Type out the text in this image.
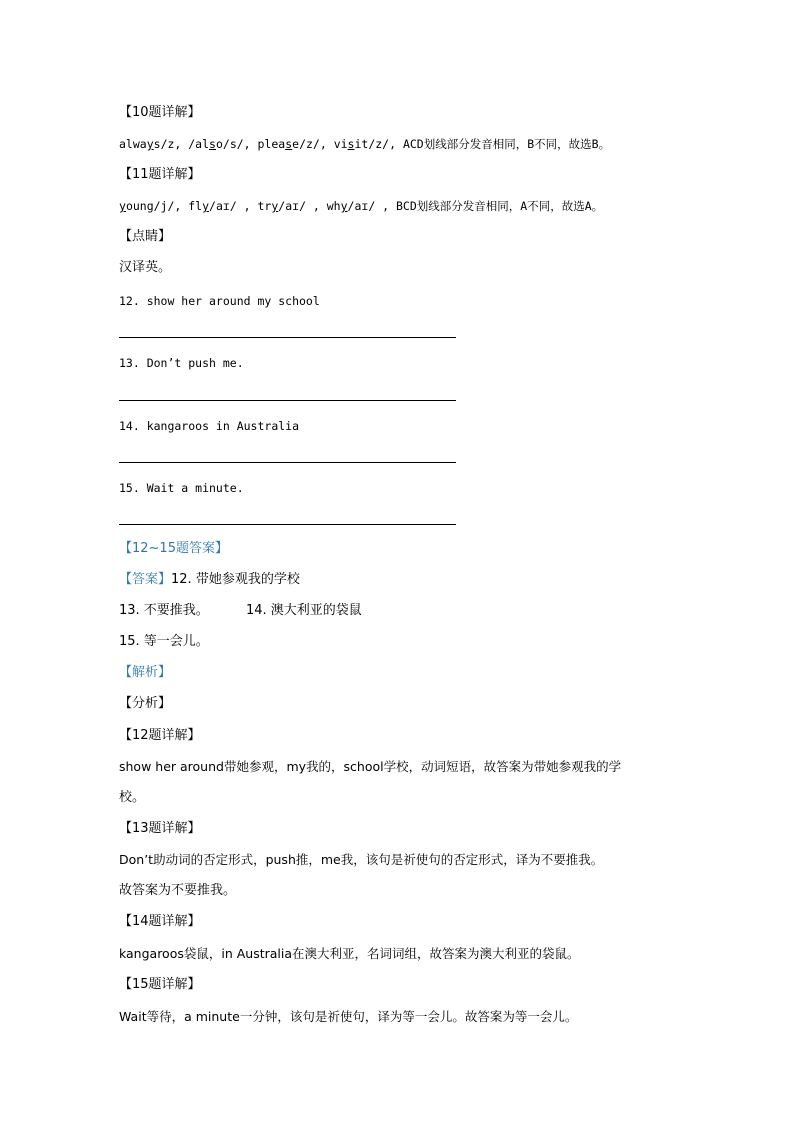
【10题详解】
always/z, /also/s/, please/z/, visit/z/, ACD划线部分发音相同，B不同，故选B。
【11题详解】
young/j/, fly/aɪ/ , try/aɪ/ , why/aɪ/ , BCD划线部分发音相同，A不同，故选A。
【点睛】
汉译英。
12. show her around my school
13. Don’t push me.
14. kangaroos in Australia
15. Wait a minute.
【12~15题答案】
【答案】12. 带她参观我的学校
13. 不要推我。	14. 澳大利亚的袋鼠
15. 等一会儿。
【解析】
【分析】
【12题详解】
show her around带她参观，my我的，school学校，动词短语，故答案为带她参观我的学
校。
【13题详解】
Don’t助动词的否定形式，push推，me我，该句是祈使句的否定形式，译为不要推我。
故答案为不要推我。
【14题详解】
kangaroos袋鼠，in Australia在澳大利亚，名词词组，故答案为澳大利亚的袋鼠。
【15题详解】
Wait等待，a minute一分钟，该句是祈使句，译为等一会儿。故答案为等一会儿。
